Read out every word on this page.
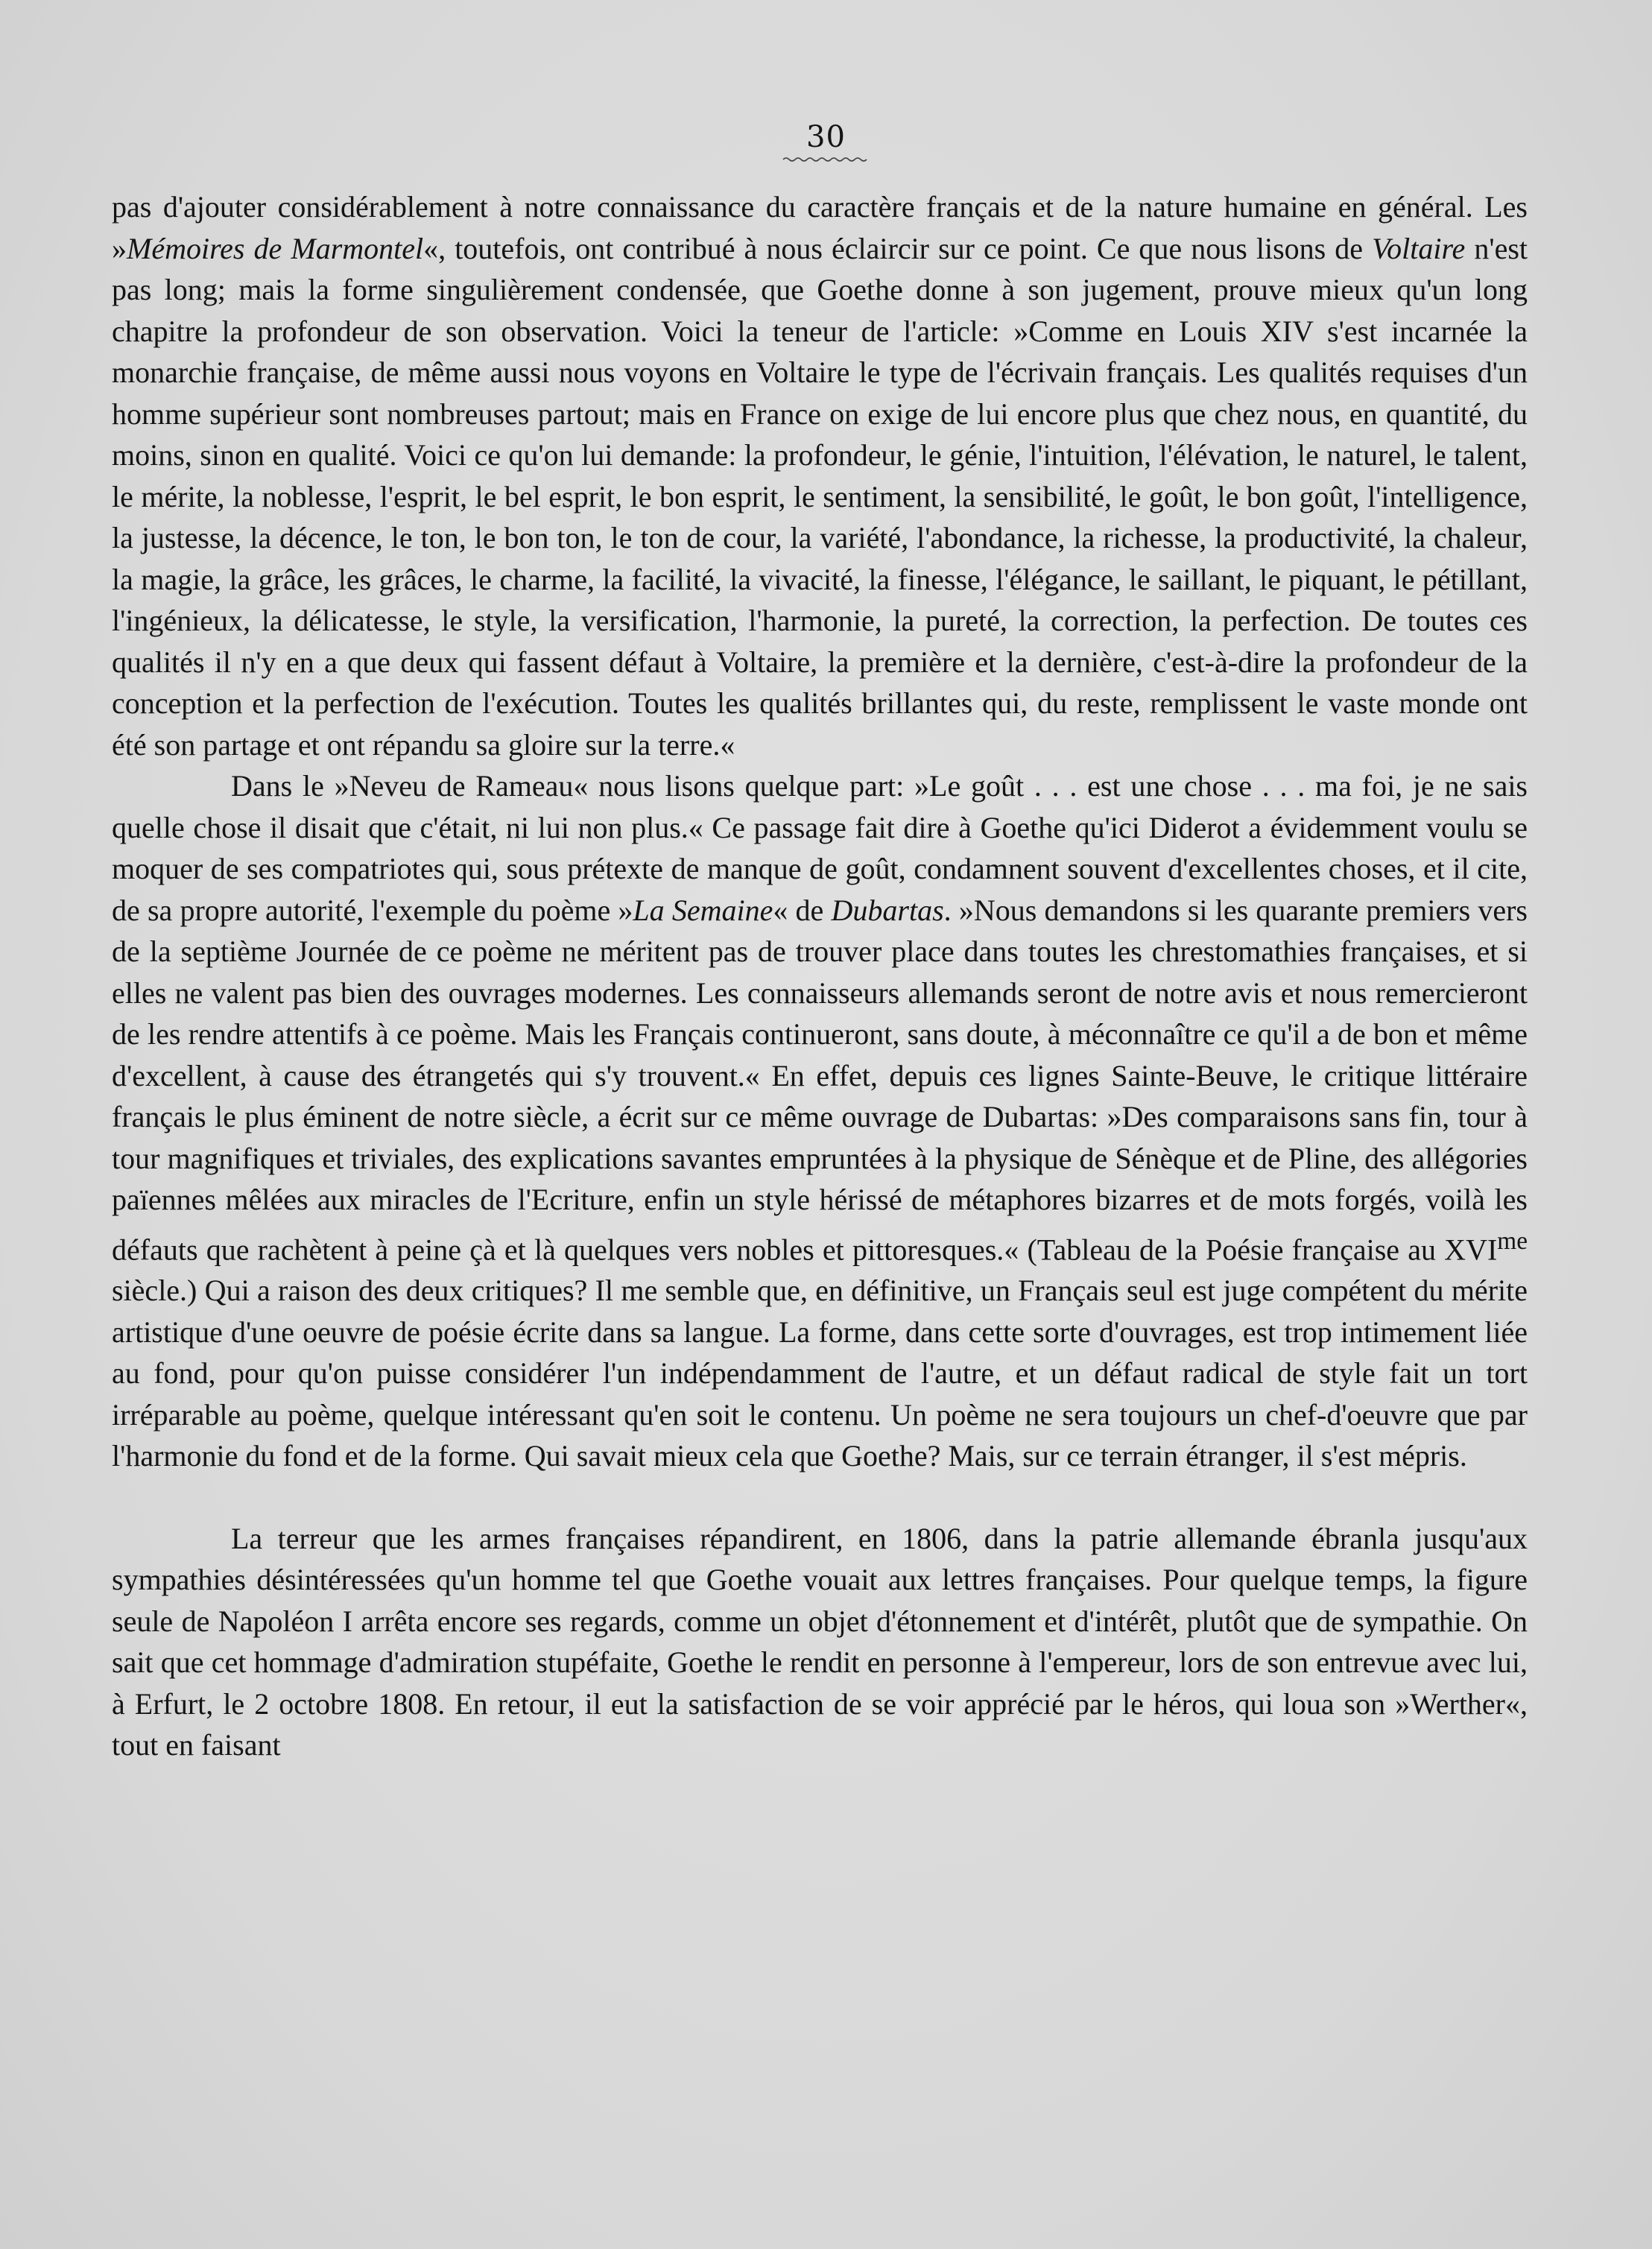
30

pas d'ajouter considérablement à notre connaissance du caractère français et de la nature humaine en général. Les »Mémoires de Marmontel«, toutefois, ont contribué à nous éclaircir sur ce point. Ce que nous lisons de Voltaire n'est pas long; mais la forme singulièrement condensée, que Goethe donne à son jugement, prouve mieux qu'un long chapitre la profondeur de son observation. Voici la teneur de l'article: »Comme en Louis XIV s'est incarnée la monarchie française, de même aussi nous voyons en Voltaire le type de l'écrivain français. Les qualités requises d'un homme supérieur sont nombreuses partout; mais en France on exige de lui encore plus que chez nous, en quantité, du moins, sinon en qualité. Voici ce qu'on lui demande: la profondeur, le génie, l'intuition, l'élévation, le naturel, le talent, le mérite, la noblesse, l'esprit, le bel esprit, le bon esprit, le sentiment, la sensibilité, le goût, le bon goût, l'intelligence, la justesse, la décence, le ton, le bon ton, le ton de cour, la variété, l'abondance, la richesse, la productivité, la chaleur, la magie, la grâce, les grâces, le charme, la facilité, la vivacité, la finesse, l'élégance, le saillant, le piquant, le pétillant, l'ingénieux, la délicatesse, le style, la versification, l'harmonie, la pureté, la correction, la perfection. De toutes ces qualités il n'y en a que deux qui fassent défaut à Voltaire, la première et la dernière, c'est-à-dire la profondeur de la conception et la perfection de l'exécution. Toutes les qualités brillantes qui, du reste, remplissent le vaste monde ont été son partage et ont répandu sa gloire sur la terre.«

Dans le »Neveu de Rameau« nous lisons quelque part: »Le goût . . . est une chose . . . ma foi, je ne sais quelle chose il disait que c'était, ni lui non plus.« Ce passage fait dire à Goethe qu'ici Diderot a évidemment voulu se moquer de ses compatriotes qui, sous prétexte de manque de goût, condamnent souvent d'excellentes choses, et il cite, de sa propre autorité, l'exemple du poème »La Semaine« de Dubartas. »Nous demandons si les quarante premiers vers de la septième Journée de ce poème ne méritent pas de trouver place dans toutes les chrestomathies françaises, et si elles ne valent pas bien des ouvrages modernes. Les connaisseurs allemands seront de notre avis et nous remercieront de les rendre attentifs à ce poème. Mais les Français continueront, sans doute, à méconnaître ce qu'il a de bon et même d'excellent, à cause des étrangetés qui s'y trouvent.« En effet, depuis ces lignes Sainte-Beuve, le critique littéraire français le plus éminent de notre siècle, a écrit sur ce même ouvrage de Dubartas: »Des comparaisons sans fin, tour à tour magnifiques et triviales, des explications savantes empruntées à la physique de Sénèque et de Pline, des allégories païennes mêlées aux miracles de l'Ecriture, enfin un style hérissé de métaphores bizarres et de mots forgés, voilà les défauts que rachètent à peine çà et là quelques vers nobles et pittoresques.« (Tableau de la Poésie française au $XVI^{me}$ siècle.) Qui a raison des deux critiques? Il me semble que, en définitive, un Français seul est juge compétent du mérite artistique d'une oeuvre de poésie écrite dans sa langue. La forme, dans cette sorte d'ouvrages, est trop intimement liée au fond, pour qu'on puisse considérer l'un indépendamment de l'autre, et un défaut radical de style fait un tort irréparable au poème, quelque intéressant qu'en soit le contenu. Un poème ne sera toujours un chef-d'oeuvre que par l'harmonie du fond et de la forme. Qui savait mieux cela que Goethe? Mais, sur ce terrain étranger, il s'est mépris.

La terreur que les armes françaises répandirent, en 1806, dans la patrie allemande ébranla jusqu'aux sympathies désintéressées qu'un homme tel que Goethe vouait aux lettres françaises. Pour quelque temps, la figure seule de Napoléon I arrêta encore ses regards, comme un objet d'étonnement et d'intérêt, plutôt que de sympathie. On sait que cet hommage d'admiration stupéfaite, Goethe le rendit en personne à l'empereur, lors de son entrevue avec lui, à Erfurt, le 2 octobre 1808. En retour, il eut la satisfaction de se voir apprécié par le héros, qui loua son »Werther«, tout en faisant
